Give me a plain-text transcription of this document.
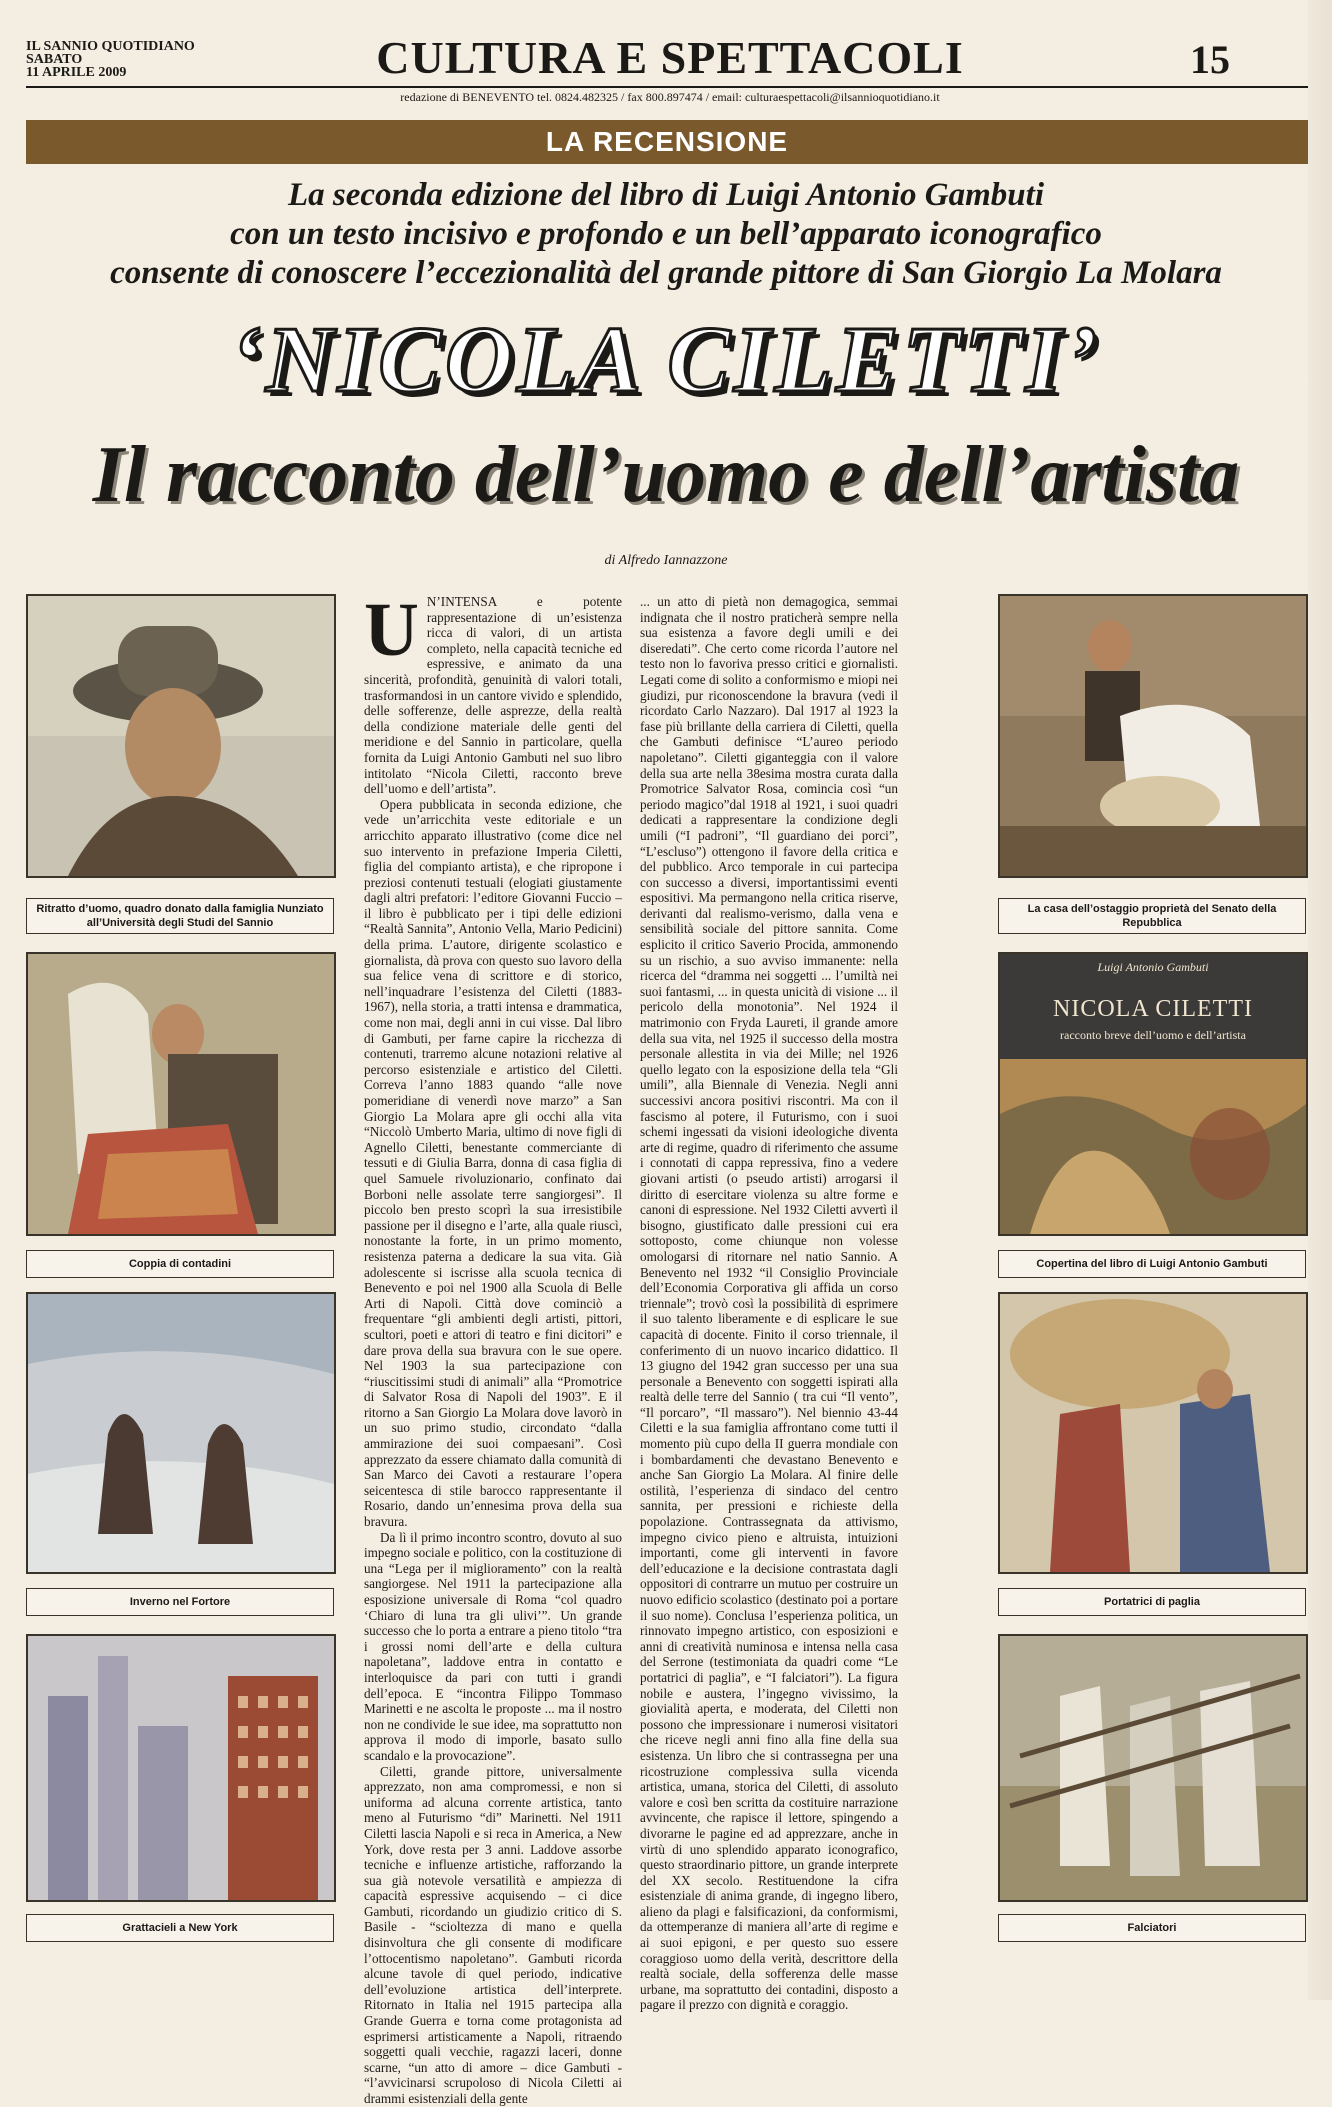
IL SANNIO QUOTIDIANO
SABATO
11 APRILE 2009	CULTURA E SPETTACOLI	15
redazione di BENEVENTO tel. 0824.482325 / fax 800.897474 / email: culturaespettacoli@ilsannioquotidiano.it
LA RECENSIONE
La seconda edizione del libro di Luigi Antonio Gambuti
con un testo incisivo e profondo e un bell’apparato iconografico
consente di conoscere l’eccezionalità del grande pittore di San Giorgio La Molara
‘NICOLA CILETTI’
Il racconto dell’uomo e dell’artista
di Alfredo Iannazzone
Ritratto d’uomo, quadro donato dalla famiglia Nunziato all’Università degli Studi del Sannio
Coppia di contadini
Inverno nel Fortore
Grattacieli a New York
U N’INTENSA e potente rappresentazione di un’esistenza ricca di valori, di un artista completo, nella capacità tecniche ed espressive, e animato da una sincerità, profondità, genuinità di valori totali, trasformandosi in un cantore vivido e splendido, delle sofferenze, delle asprezze, della realtà della condizione materiale delle genti del meridione e del Sannio in particolare, quella fornita da Luigi Antonio Gambuti nel suo libro intitolato “Nicola Ciletti, racconto breve dell’uomo e dell’artista”.

Opera pubblicata in seconda edizione, che vede un’arricchita veste editoriale e un arricchito apparato illustrativo (come dice nel suo intervento in prefazione Imperia Ciletti, figlia del compianto artista), e che ripropone i preziosi contenuti testuali (elogiati giustamente dagli altri prefatori: l’editore Giovanni Fuccio – il libro è pubblicato per i tipi delle edizioni “Realtà Sannita”, Antonio Vella, Mario Pedicini) della prima. L’autore, dirigente scolastico e giornalista, dà prova con questo suo lavoro della sua felice vena di scrittore e di storico, nell’inquadrare l’esistenza del Ciletti (1883-1967), nella storia, a tratti intensa e drammatica, come non mai, degli anni in cui visse. Dal libro di Gambuti, per farne capire la ricchezza di contenuti, trarremo alcune notazioni relative al percorso esistenziale e artistico del Ciletti. Correva l’anno 1883 quando “alle nove pomeridiane di venerdì nove marzo” a San Giorgio La Molara apre gli occhi alla vita “Niccolò Umberto Maria, ultimo di nove figli di Agnello Ciletti, benestante commerciante di tessuti e di Giulia Barra, donna di casa figlia di quel Samuele rivoluzionario, confinato dai Borboni nelle assolate terre sangiorgesi”. Il piccolo ben presto scoprì la sua irresistibile passione per il disegno e l’arte, alla quale riuscì, nonostante la forte, in un primo momento, resistenza paterna a dedicare la sua vita. Già adolescente si iscrisse alla scuola tecnica di Benevento e poi nel 1900 alla Scuola di Belle Arti di Napoli. Città dove cominciò a frequentare “gli ambienti degli artisti, pittori, scultori, poeti e attori di teatro e fini dicitori” e dare prova della sua bravura con le sue opere. Nel 1903 la sua partecipazione con “riuscitissimi studi di animali” alla “Promotrice di Salvator Rosa di Napoli del 1903”. E il ritorno a San Giorgio La Molara dove lavorò in un suo primo studio, circondato “dalla ammirazione dei suoi compaesani”. Così apprezzato da essere chiamato dalla comunità di San Marco dei Cavoti a restaurare l’opera seicentesca di stile barocco rappresentante il Rosario, dando un’ennesima prova della sua bravura.

Da lì il primo incontro scontro, dovuto al suo impegno sociale e politico, con la costituzione di una “Lega per il miglioramento” con la realtà sangiorgese. Nel 1911 la partecipazione alla esposizione universale di Roma “col quadro ‘Chiaro di luna tra gli ulivi’”. Un grande successo che lo porta a entrare a pieno titolo “tra i grossi nomi dell’arte e della cultura napoletana”, laddove entra in contatto e interloquisce da pari con tutti i grandi dell’epoca. E “incontra Filippo Tommaso Marinetti e ne ascolta le proposte ... ma il nostro non ne condivide le sue idee, ma soprattutto non approva il modo di imporle, basato sullo scandalo e la provocazione”.

Ciletti, grande pittore, universalmente apprezzato, non ama compromessi, e non si uniforma ad alcuna corrente artistica, tanto meno al Futurismo “di” Marinetti. Nel 1911 Ciletti lascia Napoli e si reca in America, a New York, dove resta per 3 anni. Laddove assorbe tecniche e influenze artistiche, rafforzando la sua già notevole versatilità e ampiezza di capacità espressive acquisendo – ci dice Gambuti, ricordando un giudizio critico di S. Basile - “scioltezza di mano e quella disinvoltura che gli consente di modificare l’ottocentismo napoletano”. Gambuti ricorda alcune tavole di quel periodo, indicative dell’evoluzione artistica dell’interprete. Ritornato in Italia nel 1915 partecipa alla Grande Guerra e torna come protagonista ad esprimersi artisticamente a Napoli, ritraendo soggetti quali vecchie, ragazzi laceri, donne scarne, “un atto di amore – dice Gambuti - “l’avvicinarsi scrupoloso di Nicola Ciletti ai drammi esistenziali della gente

... un atto di pietà non demagogica, semmai indignata che il nostro praticherà sempre nella sua esistenza a favore degli umili e dei diseredati”. Che certo come ricorda l’autore nel testo non lo favoriva presso critici e giornalisti. Legati come di solito a conformismo e miopi nei giudizi, pur riconoscendone la bravura (vedi il ricordato Carlo Nazzaro). Dal 1917 al 1923 la fase più brillante della carriera di Ciletti, quella che Gambuti definisce “L’aureo periodo napoletano”. Ciletti giganteggia con il valore della sua arte nella 38esima mostra curata dalla Promotrice Salvator Rosa, cominciа così “un periodo magico”dal 1918 al 1921, i suoi quadri dedicati a rappresentare la condizione degli umili (“I padroni”, “Il guardiano dei porci”, “L’escluso”) ottengono il favore della critica e del pubblico. Arco temporale in cui partecipa con successo a diversi, importantissimi eventi espositivi. Ma permangono nella critica riserve, derivanti dal realismo-verismo, dalla vena e sensibilità sociale del pittore sannita. Come esplicito il critico Saverio Procida, ammonendo su un rischio, a suo avviso immanente: nella ricerca del “dramma nei soggetti ... l’umiltà nei suoi fantasmi, ... in questa unicità di visione ... il pericolo della monotonia”. Nel 1924 il matrimonio con Fryda Laureti, il grande amore della sua vita, nel 1925 il successo della mostra personale allestita in via dei Mille; nel 1926 quello legato con la esposizione della tela “Gli umili”, alla Biennale di Venezia. Negli anni successivi ancora positivi riscontri. Ma con il fascismo al potere, il Futurismo, con i suoi schemi ingessati da visioni ideologiche diventa arte di regime, quadro di riferimento che assume i connotati di cappa repressiva, fino a vedere giovani artisti (o pseudo artisti) arrogarsi il diritto di esercitare violenza su altre forme e canoni di espressione. Nel 1932 Ciletti avvertì il bisogno, giustificato dalle pressioni cui era sottoposto, come chiunque non volesse omologarsi di ritornare nel natio Sannio. A Benevento nel 1932 “il Consiglio Provinciale dell’Economia Corporativa gli affida un corso triennale”; trovò così la possibilità di esprimere il suo talento liberamente e di esplicare le sue capacità di docente. Finito il corso triennale, il conferimento di un nuovo incarico didattico. Il 13 giugno del 1942 gran successo per una sua personale a Benevento con soggetti ispirati alla realtà delle terre del Sannio ( tra cui “Il vento”, “Il porcaro”, “Il massaro”). Nel biennio 43-44 Ciletti e la sua famiglia affrontano come tutti il momento più cupo della II guerra mondiale con i bombardamenti che devastano Benevento e anche San Giorgio La Molara. Al finire delle ostilità, l’esperienza di sindaco del centro sannita, per pressioni e richieste della popolazione. Contrassegnata da attivismo, impegno civico pieno e altruista, intuizioni importanti, come gli interventi in favore dell’educazione e la decisione contrastata dagli oppositori di contrarre un mutuo per costruire un nuovo edificio scolastico (destinato poi a portare il suo nome). Conclusa l’esperienza politica, un rinnovato impegno artistico, con esposizioni e anni di creatività numinosa e intensa nella casa del Serrone (testimoniata da quadri come “Le portatrici di paglia”, e “I falciatori”). La figura nobile e austera, l’ingegno vivissimo, la giovialità aperta, e moderata, del Ciletti non possono che impressionare i numerosi visitatori che riceve negli anni fino alla fine della sua esistenza. Un libro che si contrassegna per una ricostruzione complessiva sulla vicenda artistica, umana, storica del Ciletti, di assoluto valore e così ben scritta da costituire narrazione avvincente, che rapisce il lettore, spingendo a divorarne le pagine ed ad apprezzare, anche in virtù di uno splendido apparato iconografico, questo straordinario pittore, un grande interprete del XX secolo. Restituendone la cifra esistenziale di anima grande, di ingegno libero, alieno da plagi e falsificazioni, da conformismi, da ottemperanze di maniera all’arte di regime e ai suoi epigoni, e per questo suo essere coraggioso uomo della verità, descrittore della realtà sociale, della sofferenza delle masse urbane, ma soprattutto dei contadini, disposto a pagare il prezzo con dignità e coraggio.

La casa dell’ostaggio proprietà del Senato della Repubblica
Luigi Antonio Gambuti
NICOLA CILETTI
racconto breve dell’uomo e dell’artista
Copertina del libro di Luigi Antonio Gambuti
Portatrici di paglia
Falciatori
